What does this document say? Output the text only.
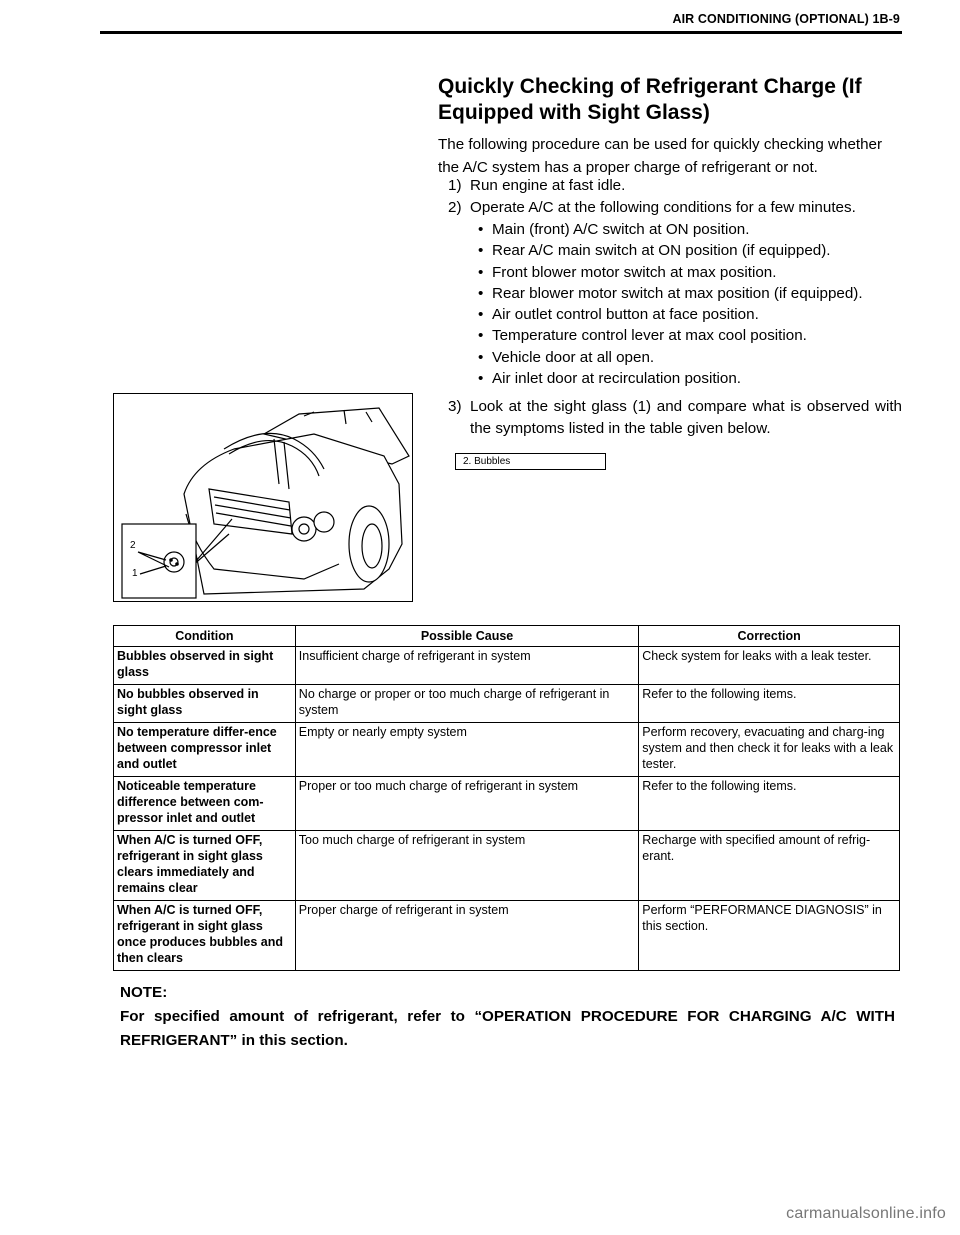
AIR CONDITIONING (OPTIONAL) 1B-9
Quickly Checking of Refrigerant Charge (If Equipped with Sight Glass)

The following procedure can be used for quickly checking whether the A/C system has a proper charge of refrigerant or not.

1) Run engine at fast idle.
2) Operate A/C at the following conditions for a few minutes.
• Main (front) A/C switch at ON position.
• Rear A/C main switch at ON position (if equipped).
• Front blower motor switch at max position.
• Rear blower motor switch at max position (if equipped).
• Air outlet control button at face position.
• Temperature control lever at max cool position.
• Vehicle door at all open.
• Air inlet door at recirculation position.
3) Look at the sight glass (1) and compare what is observed with the symptoms listed in the table given below.
2
1
2. Bubbles
Condition	Possible Cause	Correction
Bubbles observed in sight glass	Insufficient charge of refrigerant in system	Check system for leaks with a leak tester.
No bubbles observed in sight glass	No charge or proper or too much charge of refrigerant in system	Refer to the following items.
No temperature differ-ence between compressor inlet and outlet	Empty or nearly empty system	Perform recovery, evacuating and charg-ing system and then check it for leaks with a leak tester.
Noticeable temperature difference between com-pressor inlet and outlet	Proper or too much charge of refrigerant in system	Refer to the following items.
When A/C is turned OFF, refrigerant in sight glass clears immediately and remains clear	Too much charge of refrigerant in system	Recharge with specified amount of refrig-erant.
When A/C is turned OFF, refrigerant in sight glass once produces bubbles and then clears	Proper charge of refrigerant in system	Perform “PERFORMANCE DIAGNOSIS” in this section.
NOTE:
For specified amount of refrigerant, refer to “OPERATION PROCEDURE FOR CHARGING A/C WITH REFRIGERANT” in this section.
carmanualsonline.info
